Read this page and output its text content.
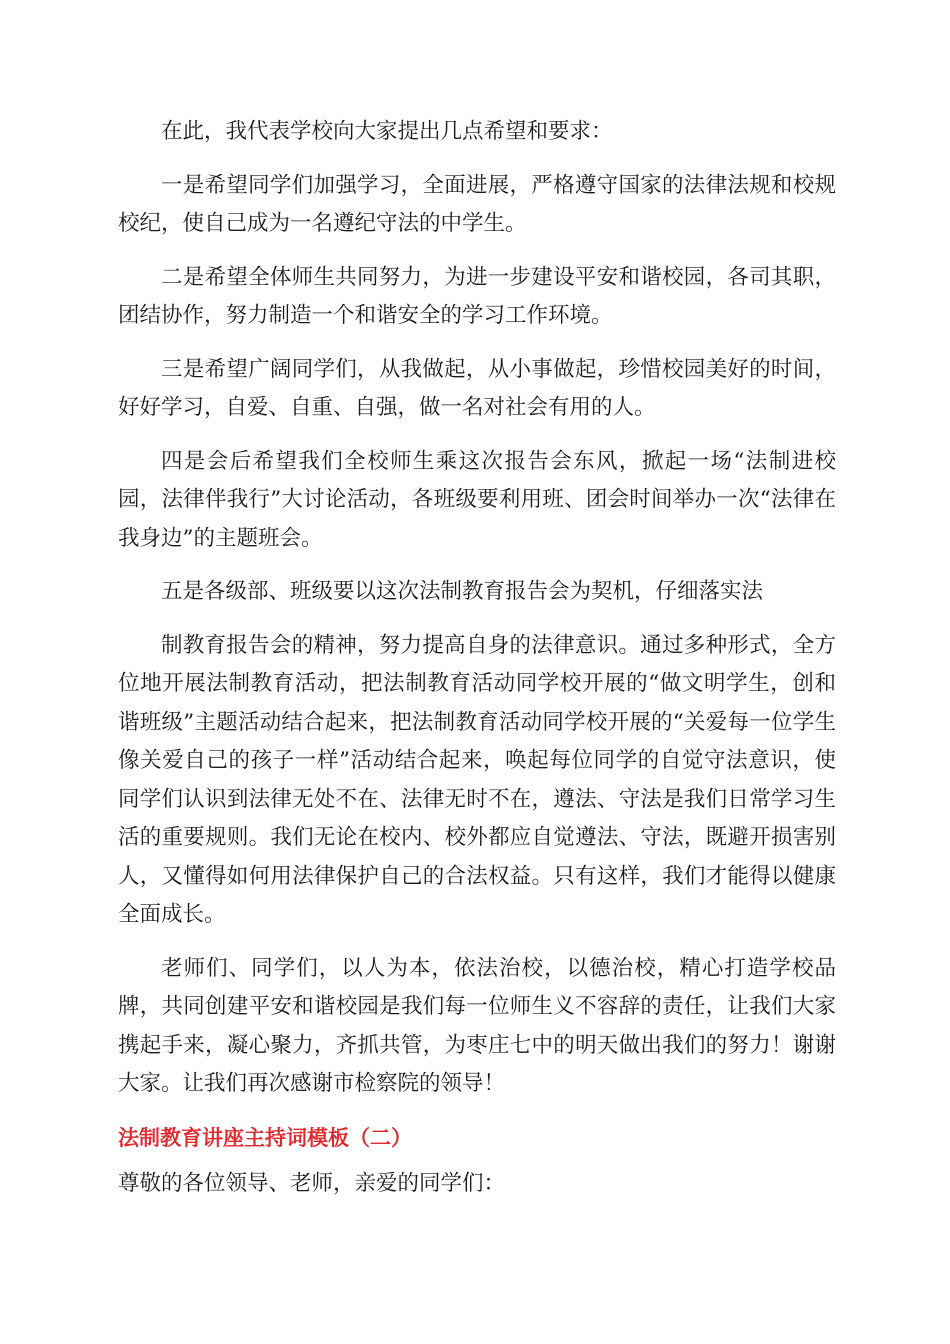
在此，我代表学校向大家提出几点希望和要求：

一是希望同学们加强学习，全面进展，严格遵守国家的法律法规和校规校纪，使自己成为一名遵纪守法的中学生。

二是希望全体师生共同努力，为进一步建设平安和谐校园，各司其职，团结协作，努力制造一个和谐安全的学习工作环境。

三是希望广阔同学们，从我做起，从小事做起，珍惜校园美好的时间，好好学习，自爱、自重、自强，做一名对社会有用的人。

四是会后希望我们全校师生乘这次报告会东风，掀起一场“法制进校园，法律伴我行”大讨论活动，各班级要利用班、团会时间举办一次“法律在我身边”的主题班会。

五是各级部、班级要以这次法制教育报告会为契机，仔细落实法

制教育报告会的精神，努力提高自身的法律意识。通过多种形式，全方位地开展法制教育活动，把法制教育活动同学校开展的“做文明学生，创和谐班级”主题活动结合起来，把法制教育活动同学校开展的“关爱每一位学生像关爱自己的孩子一样”活动结合起来，唤起每位同学的自觉守法意识，使同学们认识到法律无处不在、法律无时不在，遵法、守法是我们日常学习生活的重要规则。我们无论在校内、校外都应自觉遵法、守法，既避开损害别人，又懂得如何用法律保护自己的合法权益。只有这样，我们才能得以健康全面成长。

老师们、同学们，以人为本，依法治校，以德治校，精心打造学校品牌，共同创建平安和谐校园是我们每一位师生义不容辞的责任，让我们大家携起手来，凝心聚力，齐抓共管，为枣庄七中的明天做出我们的努力！谢谢大家。让我们再次感谢市检察院的领导！

法制教育讲座主持词模板（二）

尊敬的各位领导、老师，亲爱的同学们：
